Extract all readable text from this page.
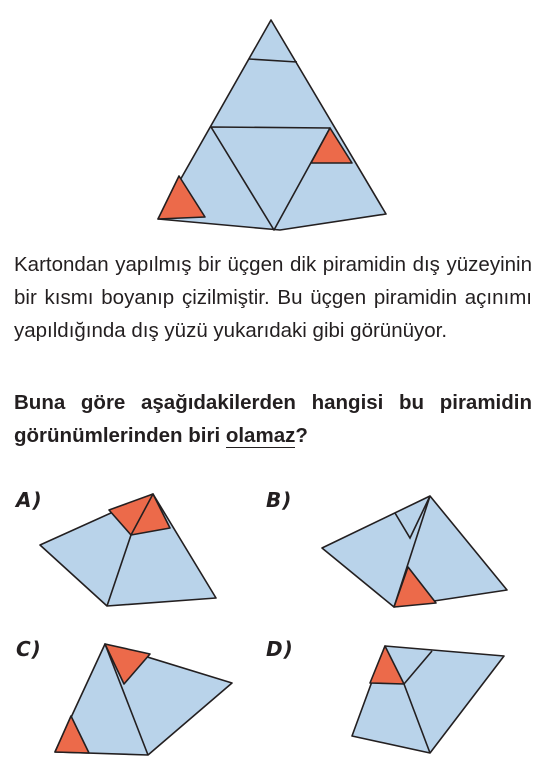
Kartondan yapılmış bir üçgen dik piramidin dış yüzeyinin bir kısmı boyanıp çizilmiştir. Bu üçgen piramidin açınımı yapıldığında dış yüzü yukarıdaki gibi görünüyor.

Buna göre aşağıdakilerden hangisi bu piramidin görünümlerinden biri olamaz?

A)	B)
C)	D)
